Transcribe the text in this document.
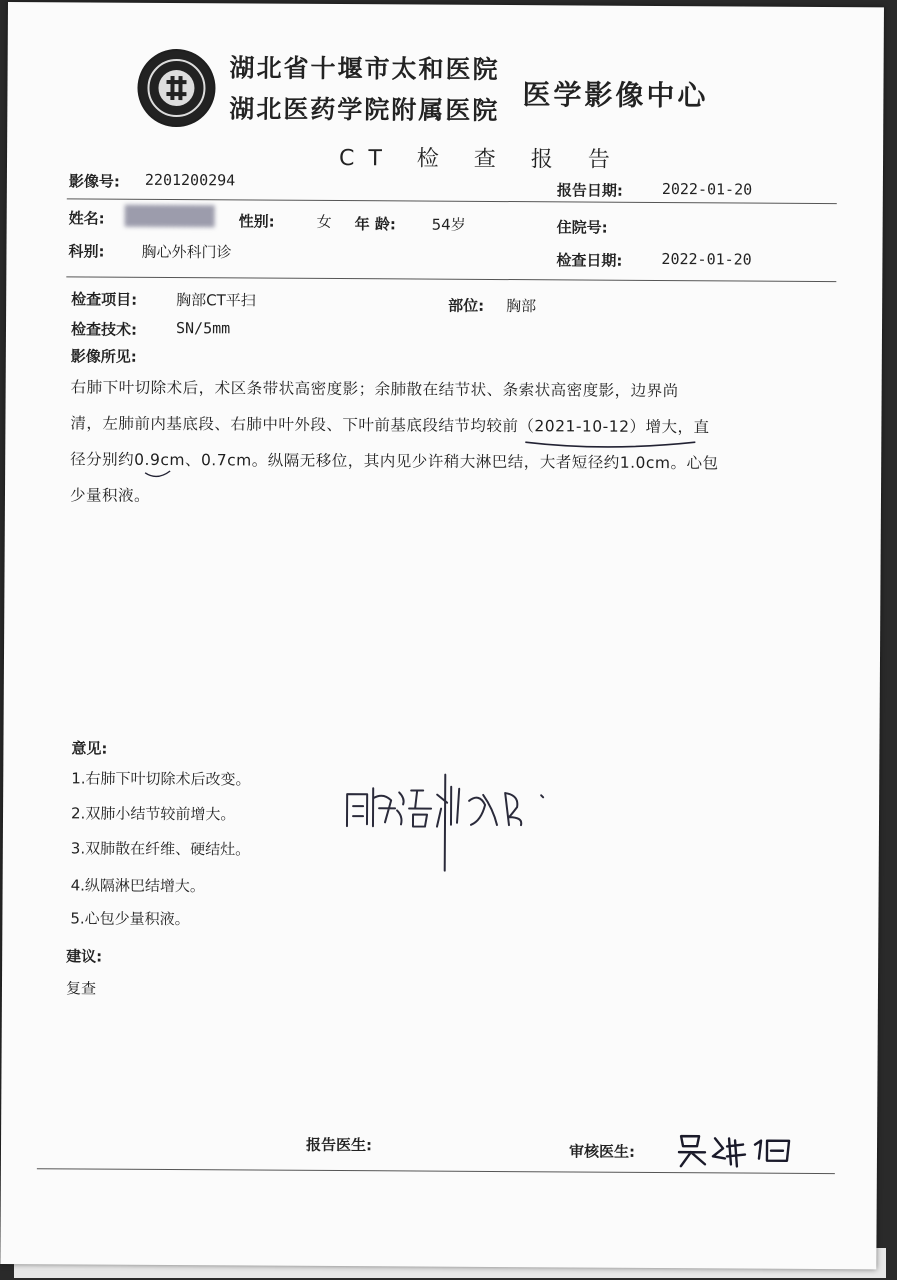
湖北省十堰市太和医院
湖北医药学院附属医院 医学影像中心
CT 检 查 报 告
影像号: 2201200294
报告日期:	2022-01-20
姓名:	性别:	女 年 龄: 54岁	住院号:
科别: 胸心外科门诊	检查日期:	2022-01-20
检查项目:	胸部CT平扫	部位: 胸部
检查技术:	SN/5mm
影像所见:
右肺下叶切除术后，术区条带状高密度影；余肺散在结节状、条索状高密度影，边界尚
清，左肺前内基底段、右肺中叶外段、下叶前基底段结节均较前（2021-10-12）增大，直
径分别约0.9cm、0.7cm。纵隔无移位，其内见少许稍大淋巴结，大者短径约1.0cm。心包
少量积液。
意见:
1.右肺下叶切除术后改变。
2.双肺小结节较前增大。
3.双肺散在纤维、硬结灶。
4.纵隔淋巴结增大。
5.心包少量积液。
建议:
复查
报告医生:	审核医生:
